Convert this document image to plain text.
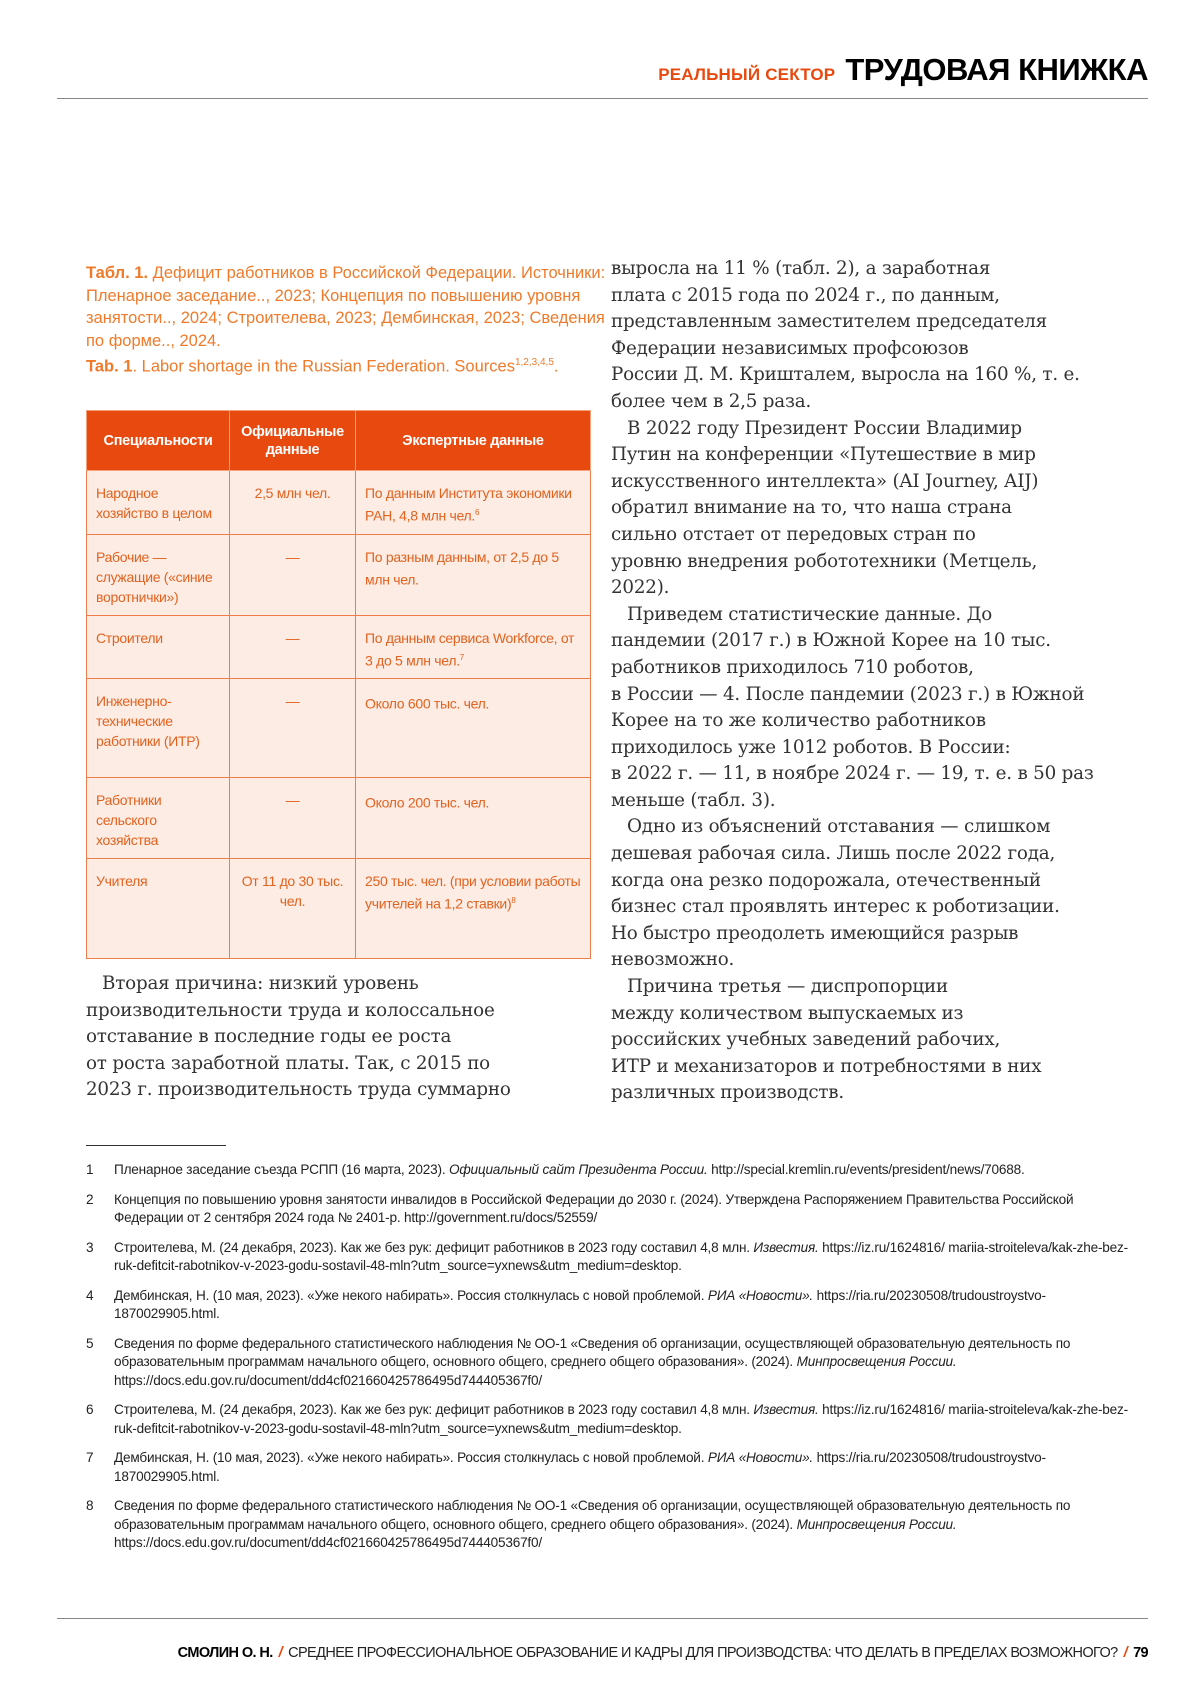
РЕАЛЬНЫЙ СЕКТОР ТРУДОВАЯ КНИЖКА
Табл. 1. Дефицит работников в Российской Федерации. Источники: Пленарное заседание.., 2023; Концепция по повышению уровня занятости.., 2024; Строителева, 2023; Дембинская, 2023; Сведения по форме.., 2024.
Tab. 1. Labor shortage in the Russian Federation. Sources1,2,3,4,5.
Специальности	Официальные данные	Экспертные данные
Народное хозяйство в целом	2,5 млн чел.	По данным Института экономики РАН, 4,8 млн чел.6
Рабочие — служащие («синие воротнички»)	—	По разным данным, от 2,5 до 5 млн чел.
Строители	—	По данным сервиса Workforce, от 3 до 5 млн чел.7
Инженерно-технические работники (ИТР)	—	Около 600 тыс. чел.
Работники сельского хозяйства	—	Около 200 тыс. чел.
Учителя	От 11 до 30 тыс. чел.	250 тыс. чел. (при условии работы учителей на 1,2 ставки)8
Вторая причина: низкий уровень
производительности труда и колоссальное
отставание в последние годы ее роста
от роста заработной платы. Так, с 2015 по
2023 г. производительность труда суммарно
выросла на 11 % (табл. 2), а заработная
плата с 2015 года по 2024 г., по данным,
представленным заместителем председателя
Федерации независимых профсоюзов
России Д. М. Кришталем, выросла на 160 %, т. е.
более чем в 2,5 раза.
В 2022 году Президент России Владимир
Путин на конференции «Путешествие в мир
искусственного интеллекта» (AI Journey, AIJ)
обратил внимание на то, что наша страна
сильно отстает от передовых стран по
уровню внедрения робототехники (Метцель,
2022).
Приведем статистические данные. До
пандемии (2017 г.) в Южной Корее на 10 тыс.
работников приходилось 710 роботов,
в России — 4. После пандемии (2023 г.) в Южной
Корее на то же количество работников
приходилось уже 1012 роботов. В России:
в 2022 г. — 11, в ноябре 2024 г. — 19, т. е. в 50 раз
меньше (табл. 3).
Одно из объяснений отставания — слишком
дешевая рабочая сила. Лишь после 2022 года,
когда она резко подорожала, отечественный
бизнес стал проявлять интерес к роботизации.
Но быстро преодолеть имеющийся разрыв
невозможно.
Причина третья — диспропорции
между количеством выпускаемых из
российских учебных заведений рабочих,
ИТР и механизаторов и потребностями в них
различных производств.
1	Пленарное заседание съезда РСПП (16 марта, 2023). Официальный сайт Президента России. http://special.kremlin.ru/events/president/news/70688.
2	Концепция по повышению уровня занятости инвалидов в Российской Федерации до 2030 г. (2024). Утверждена Распоряжением Правительства Российской Федерации от 2 сентября 2024 года № 2401-р. http://government.ru/docs/52559/
3	Строителева, М. (24 декабря, 2023). Как же без рук: дефицит работников в 2023 году составил 4,8 млн. Известия. https://iz.ru/1624816/ mariia-stroiteleva/kak-zhe-bez-ruk-defitcit-rabotnikov-v-2023-godu-sostavil-48-mln?utm_source=yxnews&utm_medium=desktop.
4	Дембинская, Н. (10 мая, 2023). «Уже некого набирать». Россия столкнулась с новой проблемой. РИА «Новости». https://ria.ru/20230508/trudoustroystvo-1870029905.html.
5	Сведения по форме федерального статистического наблюдения № ОО-1 «Сведения об организации, осуществляющей образовательную деятельность по образовательным программам начального общего, основного общего, среднего общего образования». (2024). Минпросвещения России. https://docs.edu.gov.ru/document/dd4cf021660425786495d744405367f0/
6	Строителева, М. (24 декабря, 2023). Как же без рук: дефицит работников в 2023 году составил 4,8 млн. Известия. https://iz.ru/1624816/ mariia-stroiteleva/kak-zhe-bez-ruk-defitcit-rabotnikov-v-2023-godu-sostavil-48-mln?utm_source=yxnews&utm_medium=desktop.
7	Дембинская, Н. (10 мая, 2023). «Уже некого набирать». Россия столкнулась с новой проблемой. РИА «Новости». https://ria.ru/20230508/trudoustroystvo-1870029905.html.
8	Сведения по форме федерального статистического наблюдения № ОО-1 «Сведения об организации, осуществляющей образовательную деятельность по образовательным программам начального общего, основного общего, среднего общего образования». (2024). Минпросвещения России. https://docs.edu.gov.ru/document/dd4cf021660425786495d744405367f0/
СМОЛИН О. Н. / СРЕДНЕЕ ПРОФЕССИОНАЛЬНОЕ ОБРАЗОВАНИЕ И КАДРЫ ДЛЯ ПРОИЗВОДСТВА: ЧТО ДЕЛАТЬ В ПРЕДЕЛАХ ВОЗМОЖНОГО? / 79
